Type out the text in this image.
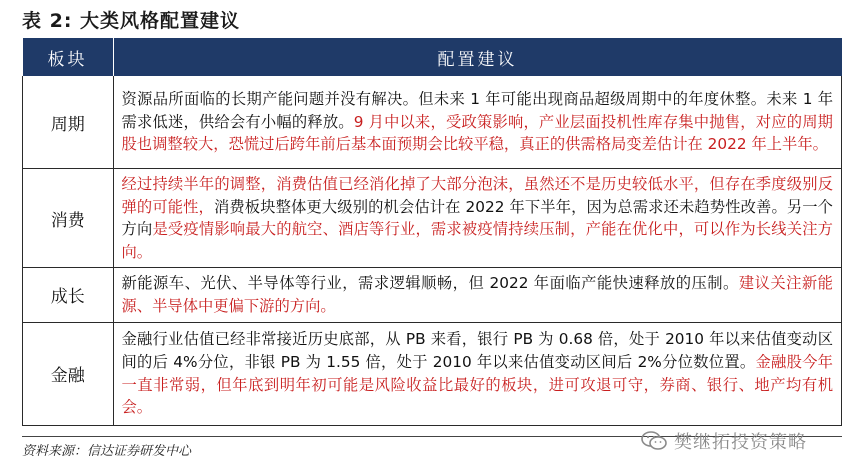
表 2: 大类风格配置建议
板块	配置建议
周期	资源品所面临的长期产能问题并没有解决。但未来 1 年可能出现商品超级周期中的年度休整。未来 1 年需求低迷，供给会有小幅的释放。9 月中以来，受政策影响，产业层面投机性库存集中抛售，对应的周期股也调整较大，恐慌过后跨年前后基本面预期会比较平稳，真正的供需格局变差估计在 2022 年上半年。
消费	经过持续半年的调整，消费估值已经消化掉了大部分泡沫，虽然还不是历史较低水平，但存在季度级别反弹的可能性，消费板块整体更大级别的机会估计在 2022 年下半年，因为总需求还未趋势性改善。另一个方向是受疫情影响最大的航空、酒店等行业，需求被疫情持续压制，产能在优化中，可以作为长线关注方向。
成长	新能源车、光伏、半导体等行业，需求逻辑顺畅，但 2022 年面临产能快速释放的压制。建议关注新能源、半导体中更偏下游的方向。
金融	金融行业估值已经非常接近历史底部，从 PB 来看，银行 PB 为 0.68 倍，处于 2010 年以来估值变动区间的后 4%分位，非银 PB 为 1.55 倍，处于 2010 年以来估值变动区间后 2%分位数位置。金融股今年一直非常弱，但年底到明年初可能是风险收益比最好的板块，进可攻退可守，券商、银行、地产均有机会。
资料来源：信达证券研发中心	樊继拓投资策略
